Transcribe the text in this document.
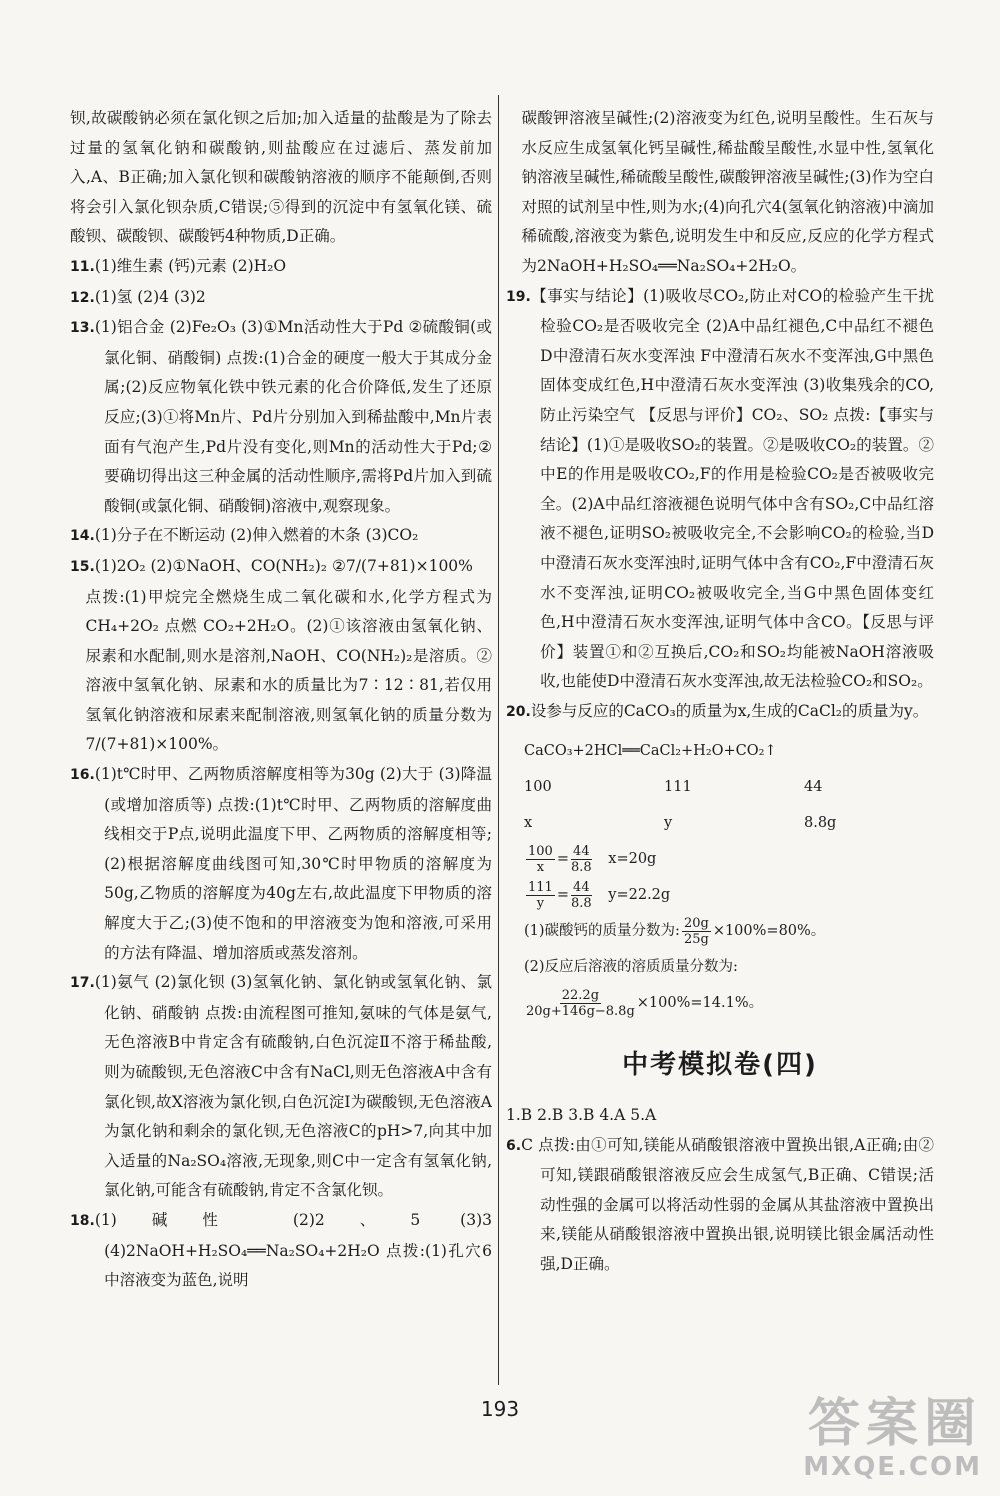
钡,故碳酸钠必须在氯化钡之后加;加入适量的盐酸是为了除去过量的氢氧化钠和碳酸钠,则盐酸应在过滤后、蒸发前加入,A、B正确;加入氯化钡和碳酸钠溶液的顺序不能颠倒,否则将会引入氯化钡杂质,C错误;⑤得到的沉淀中有氢氧化镁、硫酸钡、碳酸钡、碳酸钙4种物质,D正确。

11.(1)维生素 (钙)元素 (2)H₂O

12.(1)氢 (2)4 (3)2

13.(1)铝合金 (2)Fe₂O₃ (3)①Mn活动性大于Pd ②硫酸铜(或氯化铜、硝酸铜) 点拨:(1)合金的硬度一般大于其成分金属;(2)反应物氧化铁中铁元素的化合价降低,发生了还原反应;(3)①将Mn片、Pd片分别加入到稀盐酸中,Mn片表面有气泡产生,Pd片没有变化,则Mn的活动性大于Pd;②要确切得出这三种金属的活动性顺序,需将Pd片加入到硫酸铜(或氯化铜、硝酸铜)溶液中,观察现象。

14.(1)分子在不断运动 (2)伸入燃着的木条 (3)CO₂

15.(1)2O₂ (2)①NaOH、CO(NH₂)₂ ②7/(7+81)×100%

点拨:(1)甲烷完全燃烧生成二氧化碳和水,化学方程式为CH₄+2O₂ 点燃 CO₂+2H₂O。(2)①该溶液由氢氧化钠、尿素和水配制,则水是溶剂,NaOH、CO(NH₂)₂是溶质。②溶液中氢氧化钠、尿素和水的质量比为7∶12∶81,若仅用氢氧化钠溶液和尿素来配制溶液,则氢氧化钠的质量分数为7/(7+81)×100%。

16.(1)t℃时甲、乙两物质溶解度相等为30g (2)大于 (3)降温(或增加溶质等) 点拨:(1)t℃时甲、乙两物质的溶解度曲线相交于P点,说明此温度下甲、乙两物质的溶解度相等;(2)根据溶解度曲线图可知,30℃时甲物质的溶解度为50g,乙物质的溶解度为40g左右,故此温度下甲物质的溶解度大于乙;(3)使不饱和的甲溶液变为饱和溶液,可采用的方法有降温、增加溶质或蒸发溶剂。

17.(1)氨气 (2)氯化钡 (3)氢氧化钠、氯化钠或氢氧化钠、氯化钠、硝酸钠 点拨:由流程图可推知,氨味的气体是氨气,无色溶液B中肯定含有硫酸钠,白色沉淀Ⅱ不溶于稀盐酸,则为硫酸钡,无色溶液C中含有NaCl,则无色溶液A中含有氯化钡,故X溶液为氯化钡,白色沉淀Ⅰ为碳酸钡,无色溶液A为氯化钠和剩余的氯化钡,无色溶液C的pH>7,向其中加入适量的Na₂SO₄溶液,无现象,则C中一定含有氢氧化钠,氯化钠,可能含有硫酸钠,肯定不含氯化钡。

18.(1)碱性 (2)2、5 (3)3 (4)2NaOH+H₂SO₄══Na₂SO₄+2H₂O 点拨:(1)孔穴6中溶液变为蓝色,说明

碳酸钾溶液呈碱性;(2)溶液变为红色,说明呈酸性。生石灰与水反应生成氢氧化钙呈碱性,稀盐酸呈酸性,水显中性,氢氧化钠溶液呈碱性,稀硫酸呈酸性,碳酸钾溶液呈碱性;(3)作为空白对照的试剂呈中性,则为水;(4)向孔穴4(氢氧化钠溶液)中滴加稀硫酸,溶液变为紫色,说明发生中和反应,反应的化学方程式为2NaOH+H₂SO₄══Na₂SO₄+2H₂O。

19.【事实与结论】(1)吸收尽CO₂,防止对CO的检验产生干扰 检验CO₂是否吸收完全 (2)A中品红褪色,C中品红不褪色 D中澄清石灰水变浑浊 F中澄清石灰水不变浑浊,G中黑色固体变成红色,H中澄清石灰水变浑浊 (3)收集残余的CO,防止污染空气 【反思与评价】CO₂、SO₂ 点拨:【事实与结论】(1)①是吸收SO₂的装置。②是吸收CO₂的装置。②中E的作用是吸收CO₂,F的作用是检验CO₂是否被吸收完全。(2)A中品红溶液褪色说明气体中含有SO₂,C中品红溶液不褪色,证明SO₂被吸收完全,不会影响CO₂的检验,当D中澄清石灰水变浑浊时,证明气体中含有CO₂,F中澄清石灰水不变浑浊,证明CO₂被吸收完全,当G中黑色固体变红色,H中澄清石灰水变浑浊,证明气体中含CO。【反思与评价】装置①和②互换后,CO₂和SO₂均能被NaOH溶液吸收,也能使D中澄清石灰水变浑浊,故无法检验CO₂和SO₂。

20.设参与反应的CaCO₃的质量为x,生成的CaCl₂的质量为y。

CaCO₃+2HCl══CaCl₂+H₂O+CO₂↑
100	111	44
x	y	8.8g
$\frac{100}{x} = \frac{44}{8.8} x=20g$
$\frac{111}{y} = \frac{44}{8.8} y=22.2g$
(1)碳酸钙的质量分数为: $\frac{20g}{25g} \times 100\%=80\%$。
(2)反应后溶液的溶质质量分数为:
$\frac{22.2g}{20g+146g-8.8g} \times 100\%=14.1\%$。
中考模拟卷(四)

1.B 2.B 3.B 4.A 5.A

6.C 点拨:由①可知,镁能从硝酸银溶液中置换出银,A正确;由②可知,镁跟硝酸银溶液反应会生成氢气,B正确、C错误;活动性强的金属可以将活动性弱的金属从其盐溶液中置换出来,镁能从硝酸银溶液中置换出银,说明镁比银金属活动性强,D正确。

193	答案圈
MXQE.COM
